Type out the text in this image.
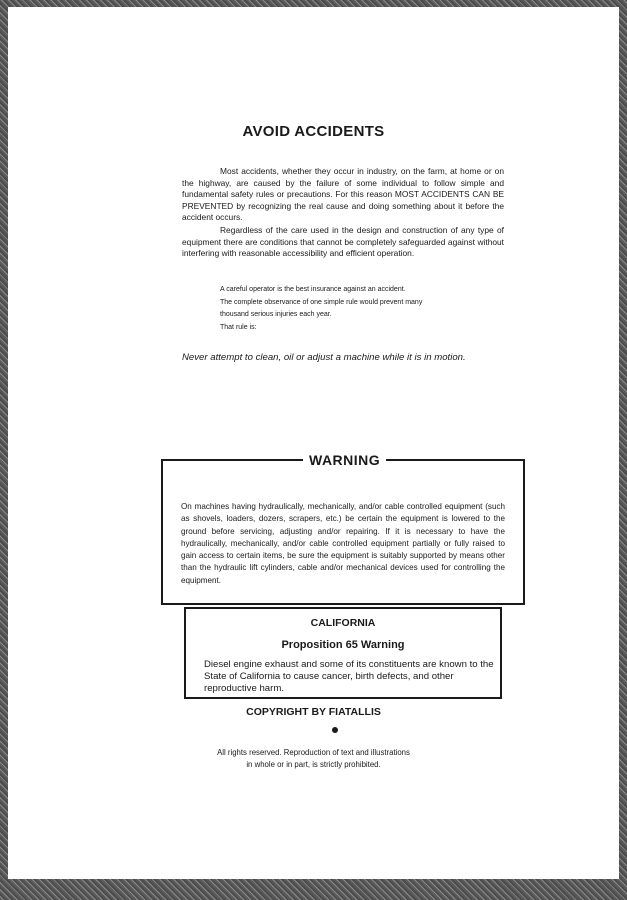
AVOID ACCIDENTS

Most accidents, whether they occur in industry, on the farm, at home or on the highway, are caused by the failure of some individual to follow simple and fundamental safety rules or precautions. For this reason MOST ACCIDENTS CAN BE PREVENTED by recognizing the real cause and doing something about it before the accident occurs.

Regardless of the care used in the design and construction of any type of equipment there are conditions that cannot be completely safeguarded against without interfering with reasonable accessibility and efficient operation.

A careful operator is the best insurance against an accident.
The complete observance of one simple rule would prevent many
thousand serious injuries each year.
That rule is:
Never attempt to clean, oil or adjust a machine while it is in motion.
WARNING
On machines having hydraulically, mechanically, and/or cable controlled equipment (such as shovels, loaders, dozers, scrapers, etc.) be certain the equipment is lowered to the ground before servicing, adjusting and/or repairing. If it is necessary to have the hydraulically, mechanically, and/or cable controlled equipment partially or fully raised to gain access to certain items, be sure the equipment is suitably supported by means other than the hydraulic lift cylinders, cable and/or mechanical devices used for controlling the equipment.
CALIFORNIA
Proposition 65 Warning
Diesel engine exhaust and some of its constituents are known to the State of California to cause cancer, birth defects, and other reproductive harm.
COPYRIGHT BY FIATALLIS
All rights reserved. Reproduction of text and illustrations
in whole or in part, is strictly prohibited.
